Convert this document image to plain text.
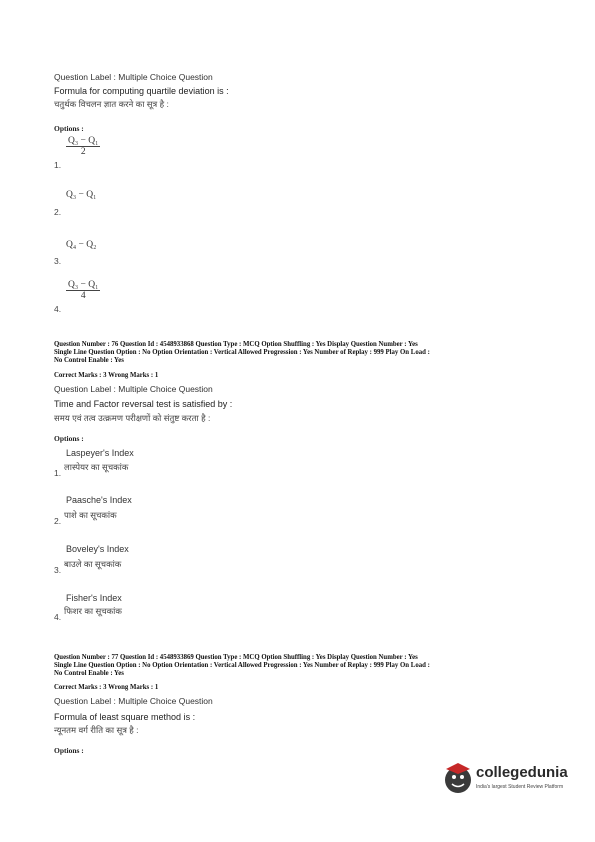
Question Label : Multiple Choice Question
Formula for computing quartile deviation is :
चतुर्थक विचलन ज्ञात करने का सूत्र है :
Options :
$\frac{\text{Q₃ − Q₁}}{2}$
1.
Q₃ − Q₁
2.
Q₄ − Q₂
3.
$\frac{\text{Q₃ − Q₁}}{4}$
4.
Question Number : 76 Question Id : 4548933868 Question Type : MCQ Option Shuffling : Yes Display Question Number : Yes
Single Line Question Option : No Option Orientation : Vertical Allowed Progression : Yes Number of Replay : 999 Play On Load :
No Control Enable : Yes
Correct Marks : 3 Wrong Marks : 1
Question Label : Multiple Choice Question
Time and Factor reversal test is satisfied by :
समय एवं तत्व उत्क्रमण परीक्षणों को संतुष्ट करता है :
Options :
Laspeyer's Index
लास्पेयर का सूचकांक
1.
Paasche's Index
पाशे का सूचकांक
2.
Boveley's Index
बाउले का सूचकांक
3.
Fisher's Index
फिशर का सूचकांक
4.
Question Number : 77 Question Id : 4548933869 Question Type : MCQ Option Shuffling : Yes Display Question Number : Yes
Single Line Question Option : No Option Orientation : Vertical Allowed Progression : Yes Number of Replay : 999 Play On Load :
No Control Enable : Yes
Correct Marks : 3 Wrong Marks : 1
Question Label : Multiple Choice Question
Formula of least square method is :
न्यूनतम वर्ग रीति का सूत्र है :
Options :
collegedunia
India's largest Student Review Platform
